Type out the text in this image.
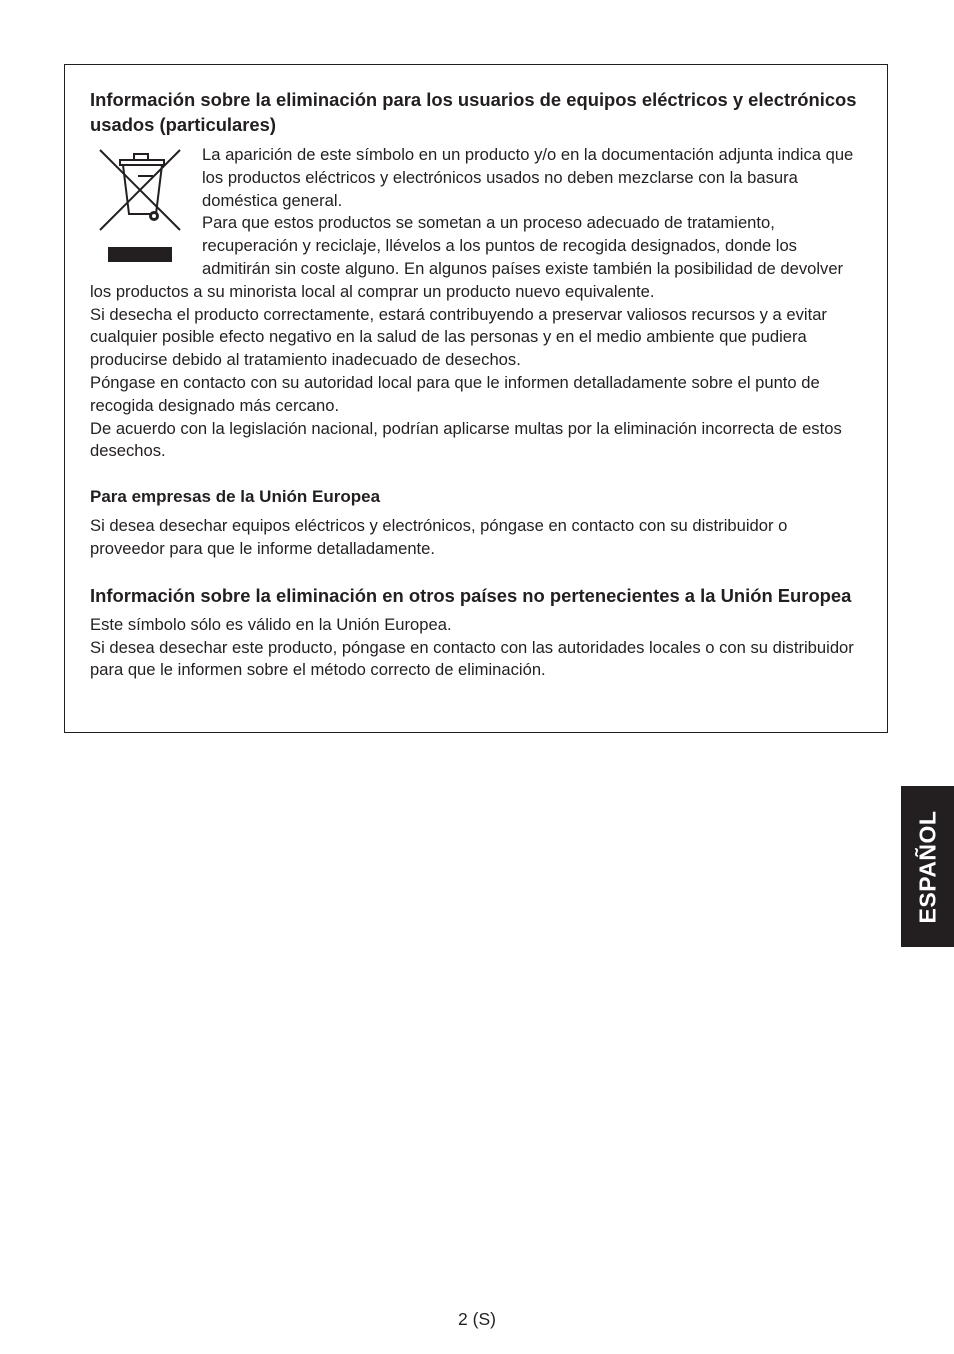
Información sobre la eliminación para los usuarios de equipos eléctricos y electrónicos usados (particulares)

La aparición de este símbolo en un producto y/o en la documentación adjunta indica que los productos eléctricos y electrónicos usados no deben mezclarse con la basura doméstica general.

Para que estos productos se sometan a un proceso adecuado de tratamiento, recuperación y reciclaje, llévelos a los puntos de recogida designados, donde los admitirán sin coste alguno. En algunos países existe también la posibilidad de devolver los productos a su minorista local al comprar un producto nuevo equivalente.

Si desecha el producto correctamente, estará contribuyendo a preservar valiosos recursos y a evitar cualquier posible efecto negativo en la salud de las personas y en el medio ambiente que pudiera producirse debido al tratamiento inadecuado de desechos.

Póngase en contacto con su autoridad local para que le informen detalladamente sobre el punto de recogida designado más cercano.

De acuerdo con la legislación nacional, podrían aplicarse multas por la eliminación incorrecta de estos desechos.

Para empresas de la Unión Europea

Si desea desechar equipos eléctricos y electrónicos, póngase en contacto con su distribuidor o proveedor para que le informe detalladamente.

Información sobre la eliminación en otros países no pertenecientes a la Unión Europea

Este símbolo sólo es válido en la Unión Europea.

Si desea desechar este producto, póngase en contacto con las autoridades locales o con su distribuidor para que le informen sobre el método correcto de eliminación.

ESPAÑOL
2 (S)
